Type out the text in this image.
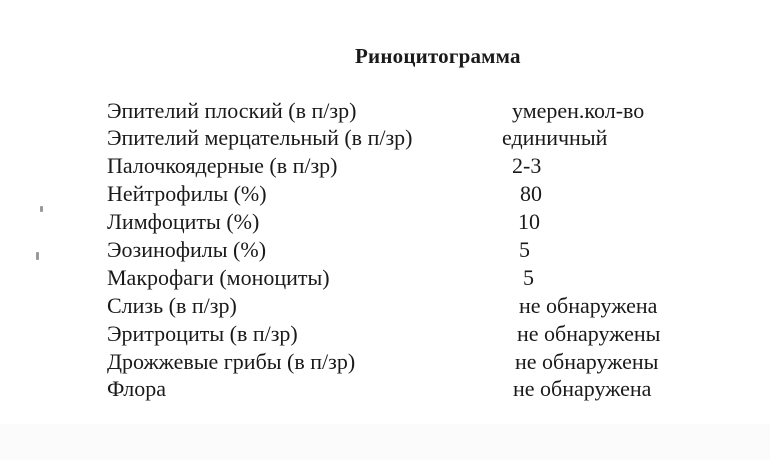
Риноцитограмма
Эпителий плоский (в п/зр)	умерен.кол-во
Эпителий мерцательный (в п/зр)	единичный
Палочкоядерные (в п/зр)	2-3
Нейтрофилы (%)	80
Лимфоциты (%)	10
Эозинофилы (%)	5
Макрофаги (моноциты)	5
Слизь (в п/зр)	не обнаружена
Эритроциты (в п/зр)	не обнаружены
Дрожжевые грибы (в п/зр)	не обнаружены
Флора	не обнаружена
